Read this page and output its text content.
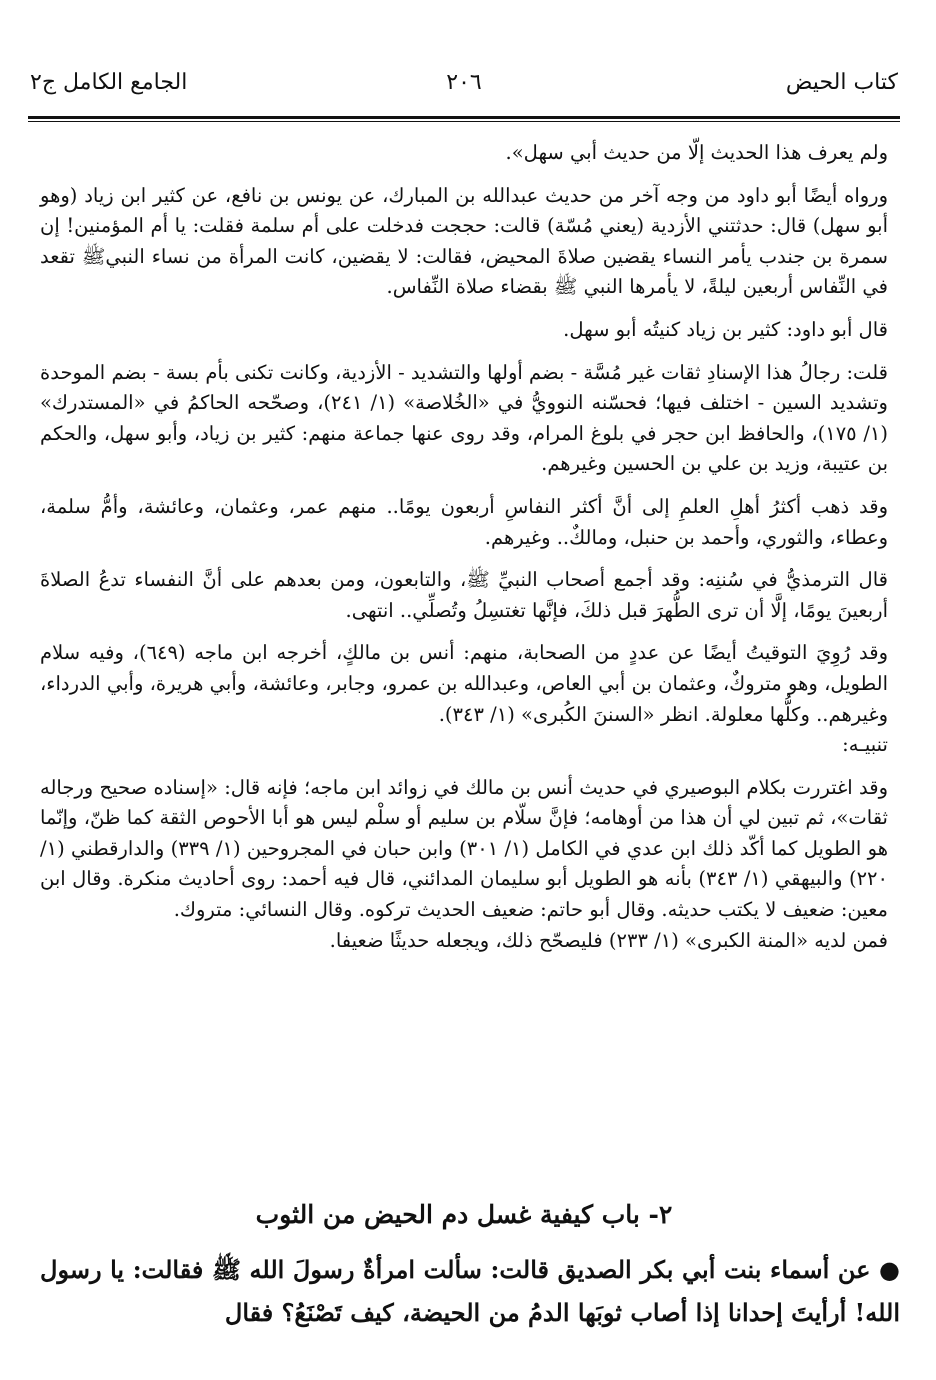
الجامع الكامل ج٢	٢٠٦	كتاب الحيض

ولم يعرف هذا الحديث إلّا من حديث أبي سهل».

ورواه أيضًا أبو داود من وجه آخر من حديث عبدالله بن المبارك، عن يونس بن نافع، عن كثير ابن زياد (وهو أبو سهل) قال: حدثتني الأزدية (يعني مُسّة) قالت: حججت فدخلت على أم سلمة فقلت: يا أم المؤمنين! إن سمرة بن جندب يأمر النساء يقضين صلاةَ المحيض، فقالت: لا يقضين، كانت المرأة من نساء النبيﷺ تقعد في النِّفاس أربعين ليلةً، لا يأمرها النبي ﷺ بقضاء صلاة النِّفاس.

قال أبو داود: كثير بن زياد كنيتُه أبو سهل.

قلت: رجالُ هذا الإسنادِ ثقات غير مُسَّة - بضم أولها والتشديد - الأزدية، وكانت تكنى بأم بسة - بضم الموحدة وتشديد السين - اختلف فيها؛ فحسّنه النوويُّ في «الخُلاصة» (١/ ٢٤١)، وصحّحه الحاكمُ في «المستدرك» (١/ ١٧٥)، والحافظ ابن حجر في بلوغ المرام، وقد روى عنها جماعة منهم: كثير بن زياد، وأبو سهل، والحكم بن عتيبة، وزيد بن علي بن الحسين وغيرهم.

وقد ذهب أكثرُ أهلِ العلمِ إلى أنَّ أكثر النفاسِ أربعون يومًا.. منهم عمر، وعثمان، وعائشة، وأمُّ سلمة، وعطاء، والثوري، وأحمد بن حنبل، ومالكٌ.. وغيرهم.

قال الترمذيُّ في سُننِه: وقد أجمع أصحاب النبيِّ ﷺ، والتابعون، ومن بعدهم على أنَّ النفساء تدعُ الصلاةَ أربعينَ يومًا، إلَّا أن ترى الطُّهرَ قبل ذلكَ، فإنَّها تغتسِلُ وتُصلِّي.. انتهى.

وقد رُوِيَ التوقيتُ أيضًا عن عددٍ من الصحابة، منهم: أنس بن مالكٍ، أخرجه ابن ماجه (٦٤٩)، وفيه سلام الطويل، وهو متروكٌ، وعثمان بن أبي العاص، وعبدالله بن عمرو، وجابر، وعائشة، وأبي هريرة، وأبي الدرداء، وغيرهم.. وكلُّها معلولة. انظر «السننَ الكُبرى» (١/ ٣٤٣).

تنبيـه:

وقد اغتررت بكلام البوصيري في حديث أنس بن مالك في زوائد ابن ماجه؛ فإنه قال: «إسناده صحيح ورجاله ثقات»، ثم تبين لي أن هذا من أوهامه؛ فإنَّ سلّام بن سليم أو سلْم ليس هو أبا الأحوص الثقة كما ظنّ، وإنّما هو الطويل كما أكّد ذلك ابن عدي في الكامل (١/ ٣٠١) وابن حبان في المجروحين (١/ ٣٣٩) والدارقطني (١/ ٢٢٠) والبيهقي (١/ ٣٤٣) بأنه هو الطويل أبو سليمان المدائني، قال فيه أحمد: روى أحاديث منكرة. وقال ابن معين: ضعيف لا يكتب حديثه. وقال أبو حاتم: ضعيف الحديث تركوه. وقال النسائي: متروك.

فمن لديه «المنة الكبرى» (١/ ٢٣٣) فليصحّح ذلك، ويجعله حديثًا ضعيفا.

٢- باب كيفية غسل دم الحيض من الثوب
● عن أسماء بنت أبي بكر الصديق قالت: سألت امرأةٌ رسولَ الله ﷺ فقالت: يا رسول الله! أرأيتَ إحدانا إذا أصاب ثوبَها الدمُ من الحيضة، كيف تَصْنَعُ؟ فقال
